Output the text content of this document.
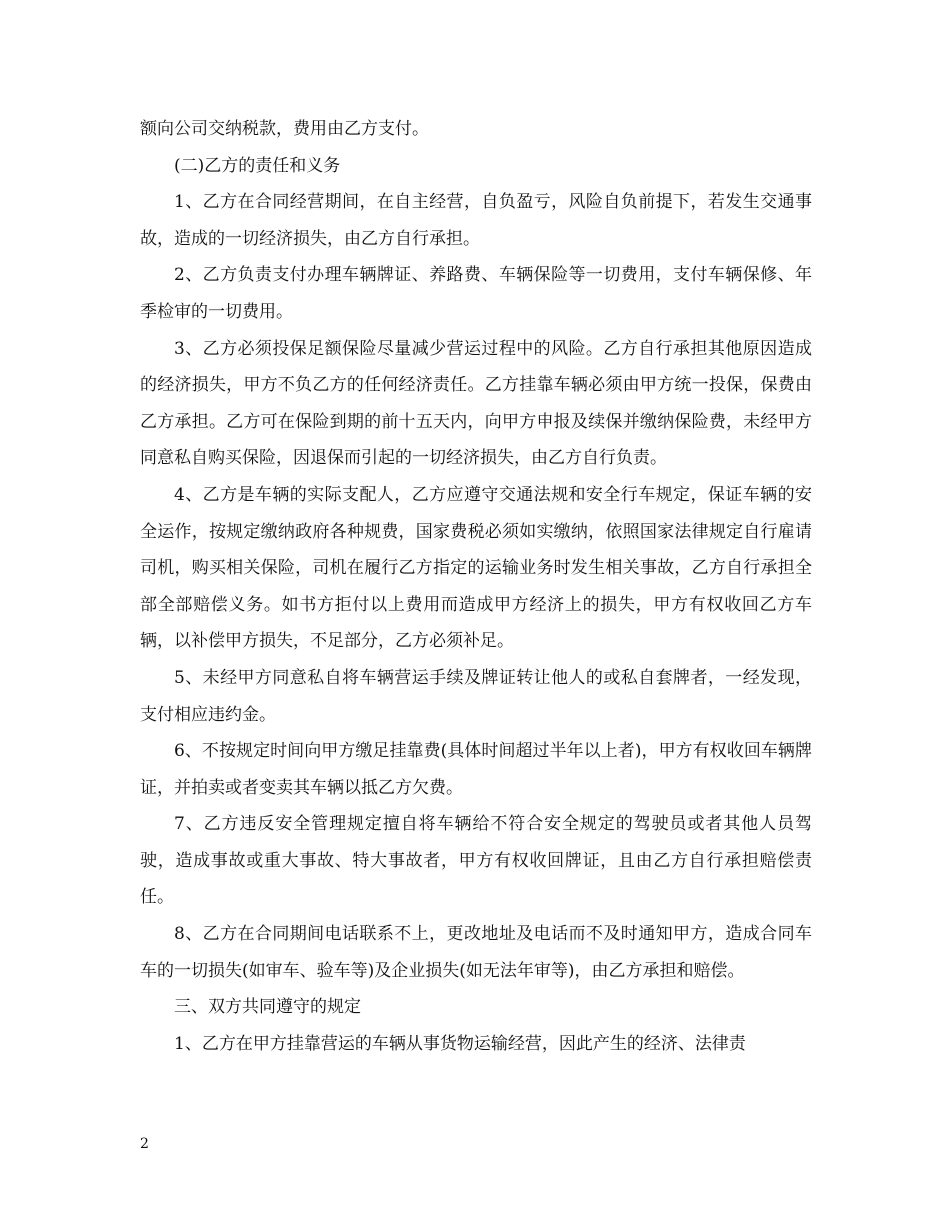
额向公司交纳税款，费用由乙方支付。

(二)乙方的责任和义务

1、乙方在合同经营期间，在自主经营，自负盈亏，风险自负前提下，若发生交通事故，造成的一切经济损失，由乙方自行承担。

2、乙方负责支付办理车辆牌证、养路费、车辆保险等一切费用，支付车辆保修、年季检审的一切费用。

3、乙方必须投保足额保险尽量减少营运过程中的风险。乙方自行承担其他原因造成的经济损失，甲方不负乙方的任何经济责任。乙方挂靠车辆必须由甲方统一投保，保费由乙方承担。乙方可在保险到期的前十五天内，向甲方申报及续保并缴纳保险费，未经甲方同意私自购买保险，因退保而引起的一切经济损失，由乙方自行负责。

4、乙方是车辆的实际支配人，乙方应遵守交通法规和安全行车规定，保证车辆的安全运作，按规定缴纳政府各种规费，国家费税必须如实缴纳，依照国家法律规定自行雇请司机，购买相关保险，司机在履行乙方指定的运输业务时发生相关事故，乙方自行承担全部全部赔偿义务。如书方拒付以上费用而造成甲方经济上的损失，甲方有权收回乙方车辆，以补偿甲方损失，不足部分，乙方必须补足。

5、未经甲方同意私自将车辆营运手续及牌证转让他人的或私自套牌者，一经发现，支付相应违约金。

6、不按规定时间向甲方缴足挂靠费(具体时间超过半年以上者)，甲方有权收回车辆牌证，并拍卖或者变卖其车辆以抵乙方欠费。

7、乙方违反安全管理规定擅自将车辆给不符合安全规定的驾驶员或者其他人员驾驶，造成事故或重大事故、特大事故者，甲方有权收回牌证，且由乙方自行承担赔偿责任。

8、乙方在合同期间电话联系不上，更改地址及电话而不及时通知甲方，造成合同车车的一切损失(如审车、验车等)及企业损失(如无法年审等)，由乙方承担和赔偿。

三、双方共同遵守的规定

1、乙方在甲方挂靠营运的车辆从事货物运输经营，因此产生的经济、法律责

2
